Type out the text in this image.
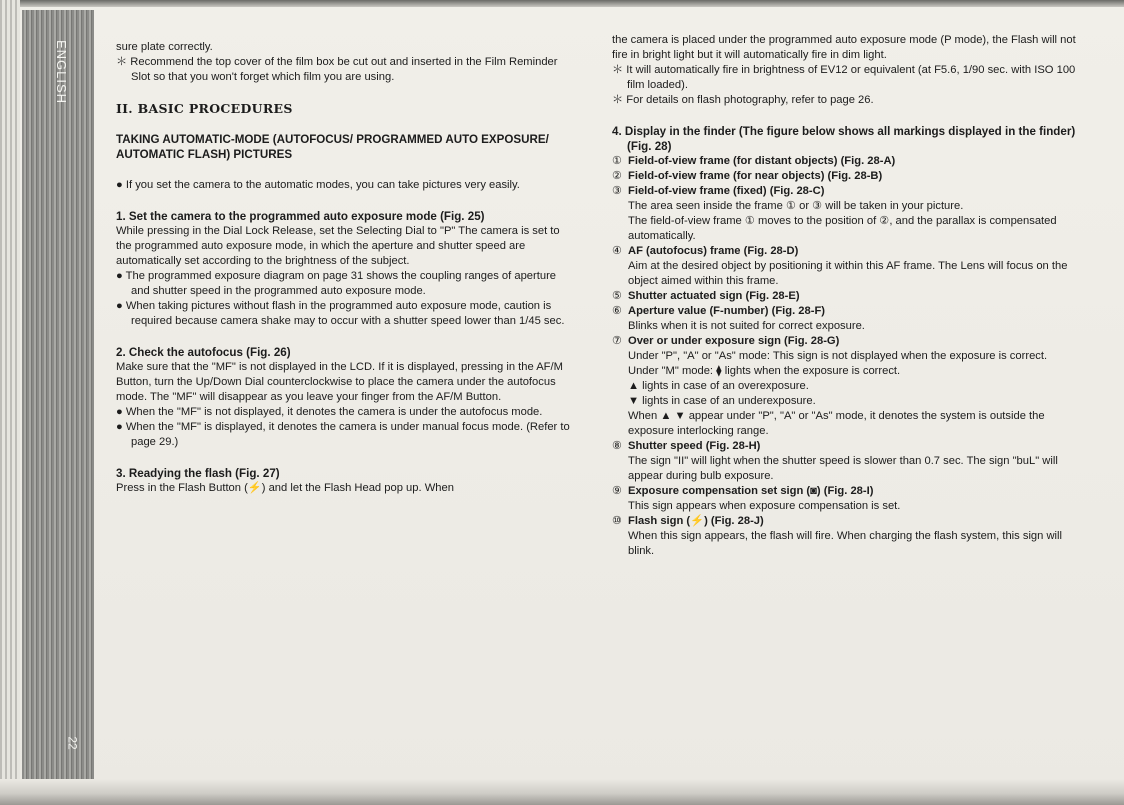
ENGLISH
22

sure plate correctly.

＊ Recommend the top cover of the film box be cut out and inserted in the Film Reminder Slot so that you won't forget which film you are using.

II. BASIC PROCEDURES
TAKING AUTOMATIC-MODE (AUTOFOCUS/ PROGRAMMED AUTO EXPOSURE/ AUTOMATIC FLASH) PICTURES

● If you set the camera to the automatic modes, you can take pictures very easily.

1. Set the camera to the programmed auto exposure mode (Fig. 25)

While pressing in the Dial Lock Release, set the Selecting Dial to "P" The camera is set to the programmed auto exposure mode, in which the aperture and shutter speed are automatically set according to the brightness of the subject.

● The programmed exposure diagram on page 31 shows the coupling ranges of aperture and shutter speed in the programmed auto exposure mode.

● When taking pictures without flash in the programmed auto exposure mode, caution is required because camera shake may to occur with a shutter speed lower than 1/45 sec.

2. Check the autofocus (Fig. 26)

Make sure that the "MF" is not displayed in the LCD. If it is displayed, pressing in the AF/M Button, turn the Up/Down Dial counterclockwise to place the camera under the autofocus mode. The "MF" will disappear as you leave your finger from the AF/M Button.

● When the "MF" is not displayed, it denotes the camera is under the autofocus mode.

● When the "MF" is displayed, it denotes the camera is under manual focus mode. (Refer to page 29.)

3. Readying the flash (Fig. 27)

Press in the Flash Button (⚡) and let the Flash Head pop up. When

the camera is placed under the programmed auto exposure mode (P mode), the Flash will not fire in bright light but it will automatically fire in dim light.

＊ It will automatically fire in brightness of EV12 or equivalent (at F5.6, 1/90 sec. with ISO 100 film loaded).

＊ For details on flash photography, refer to page 26.

4. Display in the finder (The figure below shows all markings displayed in the finder) (Fig. 28)
① Field-of-view frame (for distant objects) (Fig. 28-A)
② Field-of-view frame (for near objects) (Fig. 28-B)
③ Field-of-view frame (fixed) (Fig. 28-C)
The area seen inside the frame ① or ③ will be taken in your picture.
The field-of-view frame ① moves to the position of ②, and the parallax is compensated automatically.
④ AF (autofocus) frame (Fig. 28-D)
Aim at the desired object by positioning it within this AF frame. The Lens will focus on the object aimed within this frame.
⑤ Shutter actuated sign (Fig. 28-E)
⑥ Aperture value (F-number) (Fig. 28-F)
Blinks when it is not suited for correct exposure.
⑦ Over or under exposure sign (Fig. 28-G)
Under "P", "A" or "As" mode: This sign is not displayed when the exposure is correct.
Under "M" mode: ⧫ lights when the exposure is correct.
▲ lights in case of an overexposure.
▼ lights in case of an underexposure.
When ▲ ▼ appear under "P", "A" or "As" mode, it denotes the system is outside the exposure interlocking range.
⑧ Shutter speed (Fig. 28-H)
The sign "II" will light when the shutter speed is slower than 0.7 sec. The sign "buL" will appear during bulb exposure.
⑨ Exposure compensation set sign (◙) (Fig. 28-I)
This sign appears when exposure compensation is set.
⑩ Flash sign (⚡) (Fig. 28-J)
When this sign appears, the flash will fire. When charging the flash system, this sign will blink.
